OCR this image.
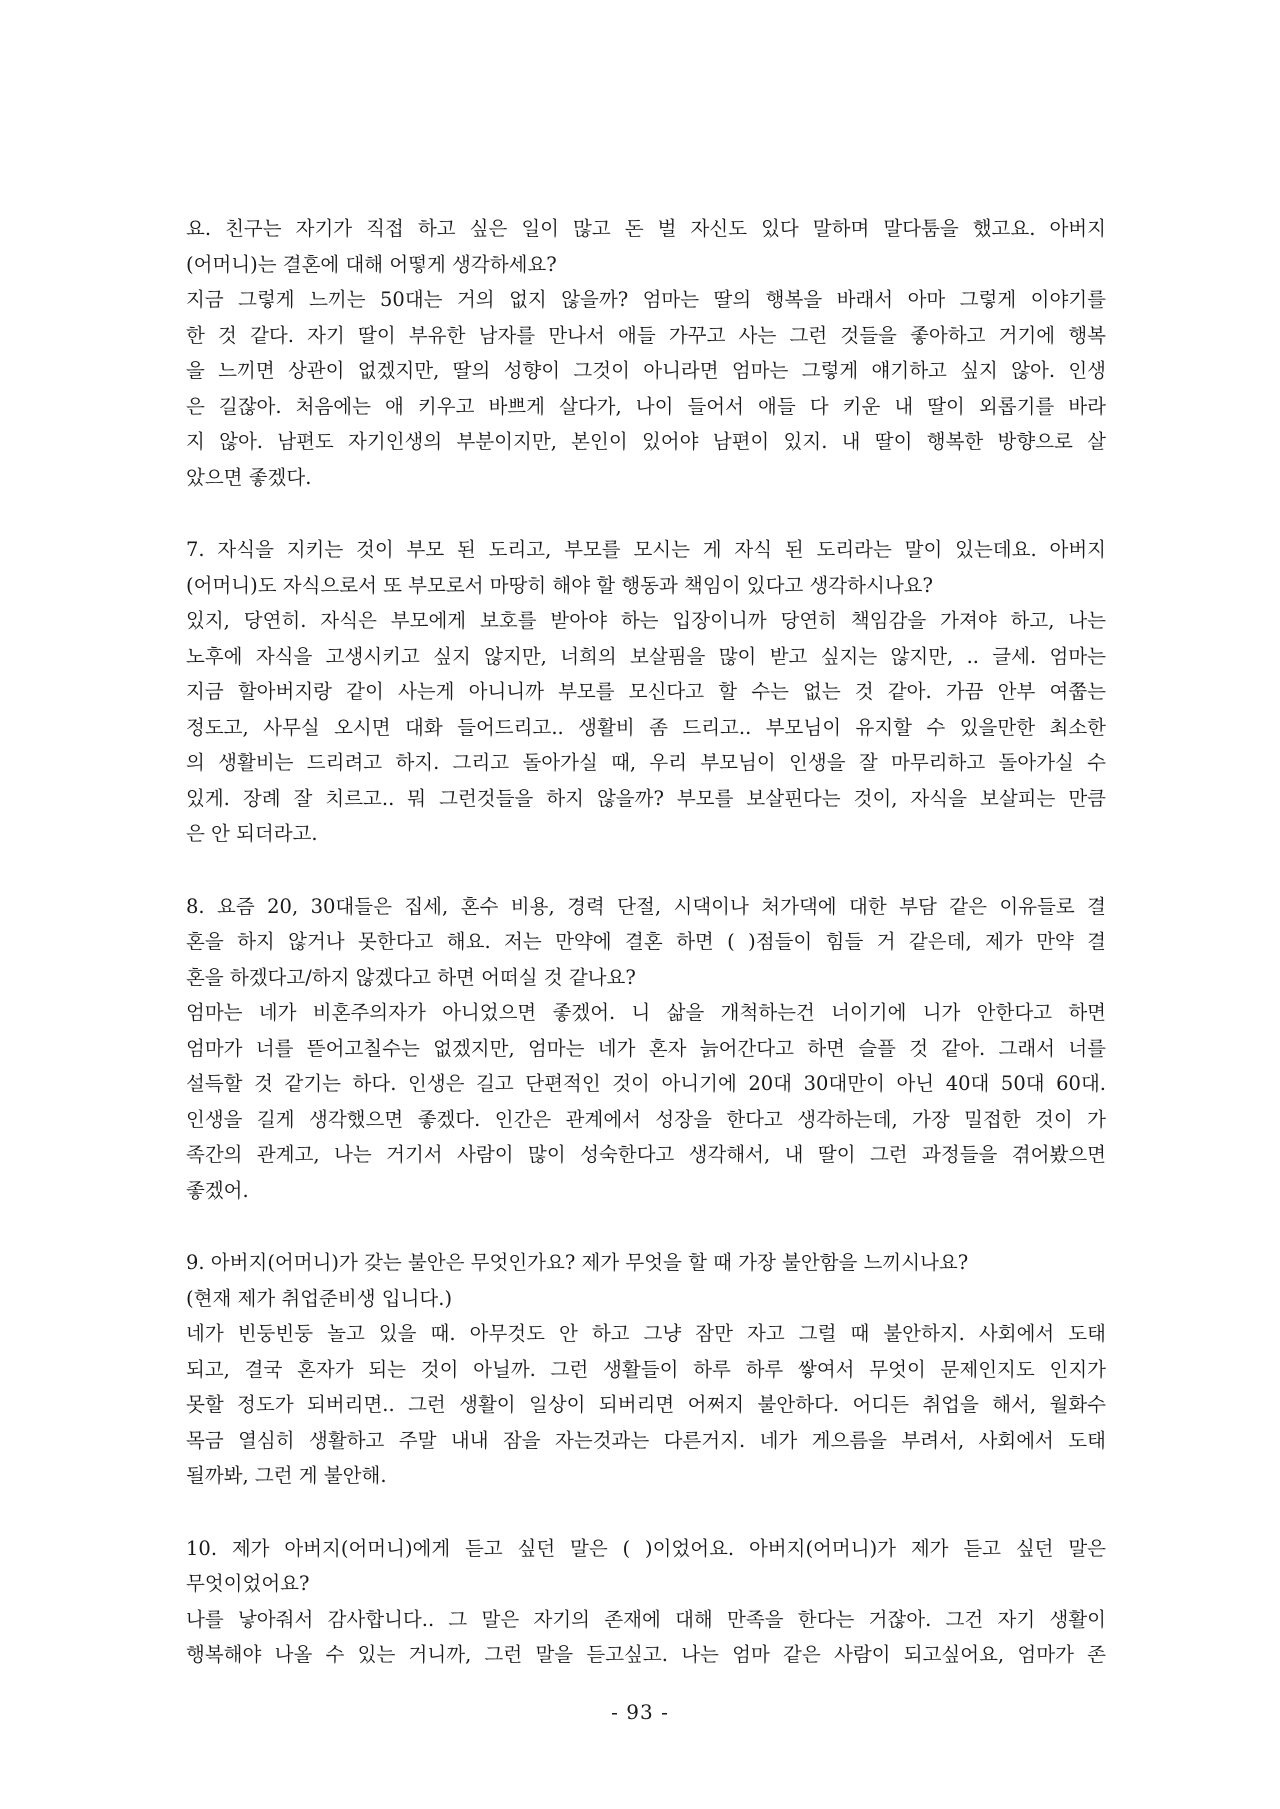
요. 친구는 자기가 직접 하고 싶은 일이 많고 돈 벌 자신도 있다 말하며 말다툼을 했고요. 아버지
(어머니)는 결혼에 대해 어떻게 생각하세요?
지금 그렇게 느끼는 50대는 거의 없지 않을까? 엄마는 딸의 행복을 바래서 아마 그렇게 이야기를
한 것 같다. 자기 딸이 부유한 남자를 만나서 애들 가꾸고 사는 그런 것들을 좋아하고 거기에 행복
을 느끼면 상관이 없겠지만, 딸의 성향이 그것이 아니라면 엄마는 그렇게 얘기하고 싶지 않아. 인생
은 길잖아. 처음에는 애 키우고 바쁘게 살다가, 나이 들어서 애들 다 키운 내 딸이 외롭기를 바라
지 않아. 남편도 자기인생의 부분이지만, 본인이 있어야 남편이 있지. 내 딸이 행복한 방향으로 살
았으면 좋겠다.
7. 자식을 지키는 것이 부모 된 도리고, 부모를 모시는 게 자식 된 도리라는 말이 있는데요. 아버지
(어머니)도 자식으로서 또 부모로서 마땅히 해야 할 행동과 책임이 있다고 생각하시나요?
있지, 당연히. 자식은 부모에게 보호를 받아야 하는 입장이니까 당연히 책임감을 가져야 하고, 나는
노후에 자식을 고생시키고 싶지 않지만, 너희의 보살핌을 많이 받고 싶지는 않지만, .. 글세. 엄마는
지금 할아버지랑 같이 사는게 아니니까 부모를 모신다고 할 수는 없는 것 같아. 가끔 안부 여쭙는
정도고, 사무실 오시면 대화 들어드리고.. 생활비 좀 드리고.. 부모님이 유지할 수 있을만한 최소한
의 생활비는 드리려고 하지. 그리고 돌아가실 때, 우리 부모님이 인생을 잘 마무리하고 돌아가실 수
있게. 장례 잘 치르고.. 뭐 그런것들을 하지 않을까? 부모를 보살핀다는 것이, 자식을 보살피는 만큼
은 안 되더라고.
8. 요즘 20, 30대들은 집세, 혼수 비용, 경력 단절, 시댁이나 처가댁에 대한 부담 같은 이유들로 결
혼을 하지 않거나 못한다고 해요. 저는 만약에 결혼 하면 ( )점들이 힘들 거 같은데, 제가 만약 결
혼을 하겠다고/하지 않겠다고 하면 어떠실 것 같나요?
엄마는 네가 비혼주의자가 아니었으면 좋겠어. 니 삶을 개척하는건 너이기에 니가 안한다고 하면
엄마가 너를 뜯어고칠수는 없겠지만, 엄마는 네가 혼자 늙어간다고 하면 슬플 것 같아. 그래서 너를
설득할 것 같기는 하다. 인생은 길고 단편적인 것이 아니기에 20대 30대만이 아닌 40대 50대 60대.
인생을 길게 생각했으면 좋겠다. 인간은 관계에서 성장을 한다고 생각하는데, 가장 밀접한 것이 가
족간의 관계고, 나는 거기서 사람이 많이 성숙한다고 생각해서, 내 딸이 그런 과정들을 겪어봤으면
좋겠어.
9. 아버지(어머니)가 갖는 불안은 무엇인가요? 제가 무엇을 할 때 가장 불안함을 느끼시나요?
(현재 제가 취업준비생 입니다.)
네가 빈둥빈둥 놀고 있을 때. 아무것도 안 하고 그냥 잠만 자고 그럴 때 불안하지. 사회에서 도태
되고, 결국 혼자가 되는 것이 아닐까. 그런 생활들이 하루 하루 쌓여서 무엇이 문제인지도 인지가
못할 정도가 되버리면.. 그런 생활이 일상이 되버리면 어쩌지 불안하다. 어디든 취업을 해서, 월화수
목금 열심히 생활하고 주말 내내 잠을 자는것과는 다른거지. 네가 게으름을 부려서, 사회에서 도태
될까봐, 그런 게 불안해.
10. 제가 아버지(어머니)에게 듣고 싶던 말은 ( )이었어요. 아버지(어머니)가 제가 듣고 싶던 말은
무엇이었어요?
나를 낳아줘서 감사합니다.. 그 말은 자기의 존재에 대해 만족을 한다는 거잖아. 그건 자기 생활이
행복해야 나올 수 있는 거니까, 그런 말을 듣고싶고. 나는 엄마 같은 사람이 되고싶어요, 엄마가 존
- 93 -
